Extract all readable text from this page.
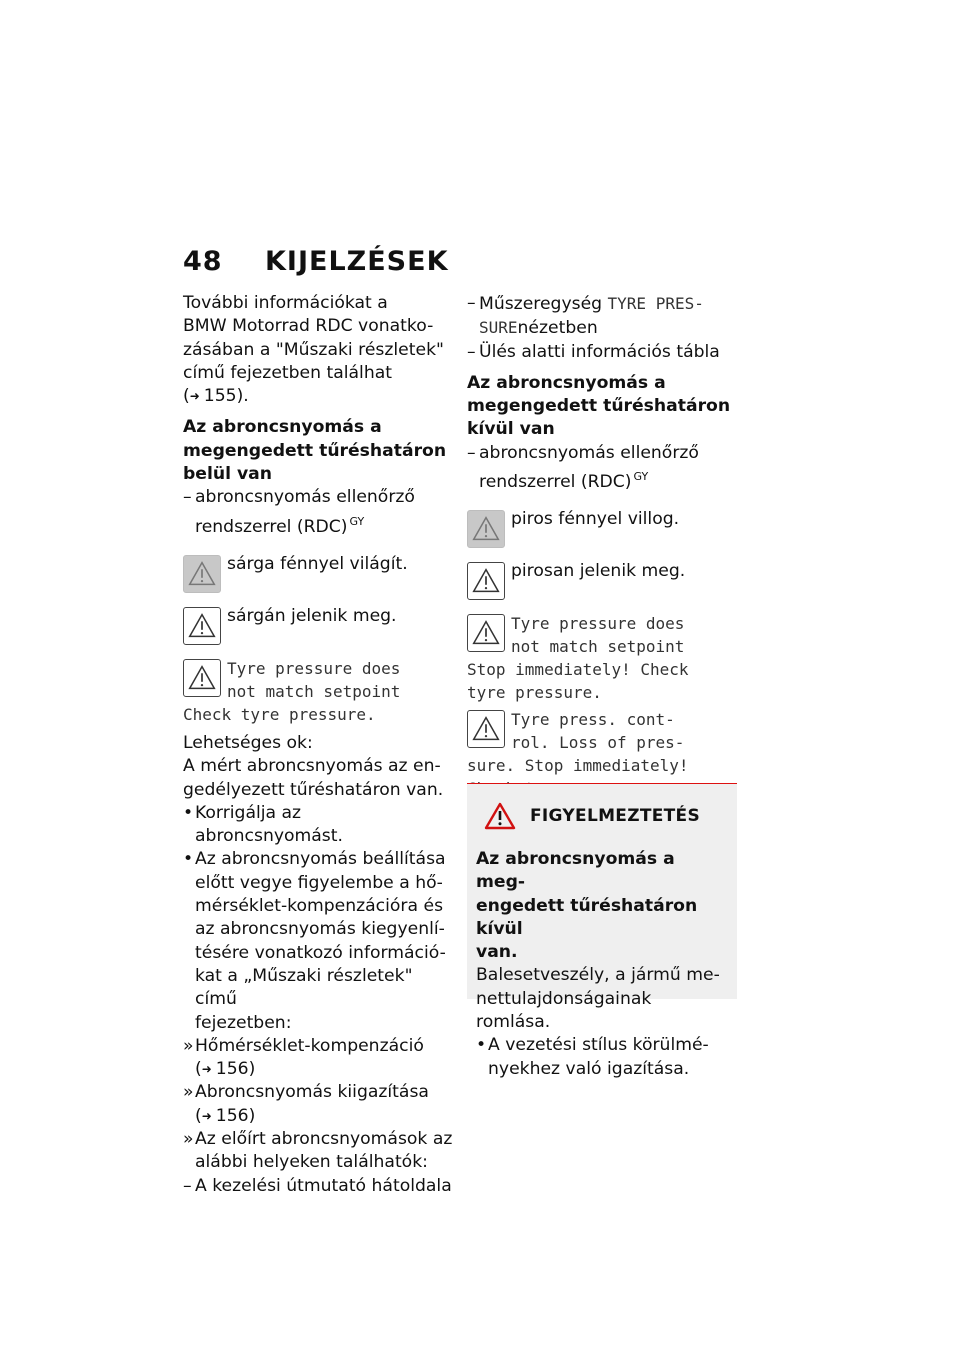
48 KIJELZÉSEK

További információkat a
BMW Motorrad RDC vonatko-
zásában a "Műszaki részletek"
című fejezetben találhat
(➜ 155).

Az abroncsnyomás a
megengedett tűréshatáron
belül van

– abroncsnyomás ellenőrző
rendszerrel (RDC) $^{GY}$
sárga fénnyel világít.
sárgán jelenik meg.
Tyre pressure does
not match setpoint
Check tyre pressure.

Lehetséges ok:

A mért abroncsnyomás az en-
gedélyezett tűréshatáron van.

• Korrigálja az abroncsnyomást.
• Az abroncsnyomás beállítása
előtt vegye figyelembe a hő-
mérséklet-kompenzációra és
az abroncsnyomás kiegyenlí-
tésére vonatkozó információ-
kat a „Műszaki részletek" című
fejezetben:
» Hőmérséklet-kompenzáció
(➜ 156)
» Abroncsnyomás kiigazítása
(➜ 156)
» Az előírt abroncsnyomások az
alábbi helyeken találhatók:
– A kezelési útmutató hátoldala
– Műszeregység TYRE PRES-
SUREnézetben
– Ülés alatti információs tábla

Az abroncsnyomás a
megengedett tűréshatáron
kívül van

– abroncsnyomás ellenőrző
rendszerrel (RDC) $^{GY}$
piros fénnyel villog.
pirosan jelenik meg.
Tyre pressure does
not match setpoint
Stop immediately! Check
tyre pressure.
Tyre press. cont-
rol. Loss of pres-
sure. Stop immediately!

FIGYELMEZTETÉS

Az abroncsnyomás a meg-
engedett tűréshatáron kívül
van.

Balesetveszély, a jármű me-
nettulajdonságainak romlása.

• A vezetési stílus körülmé-
nyekhez való igazítása.
